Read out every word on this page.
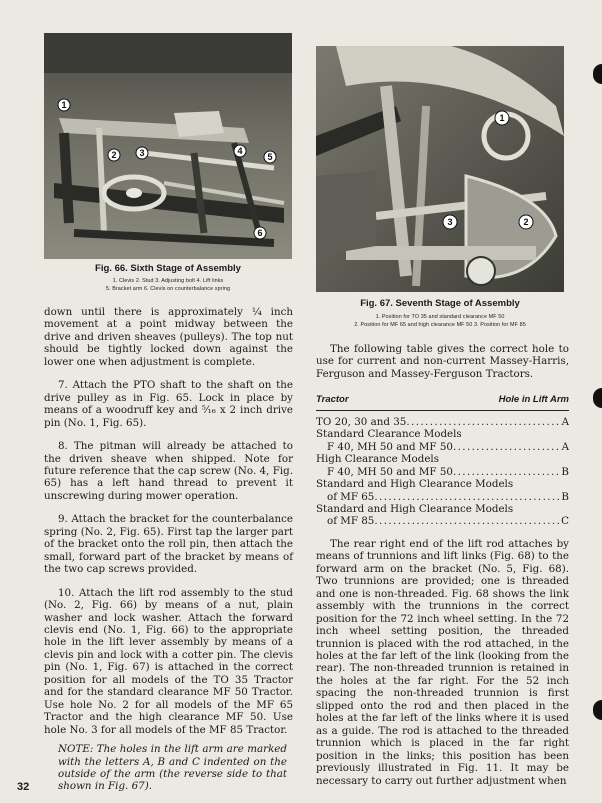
1
2	3	4
5
6
Fig. 66. Sixth Stage of Assembly
1. Clevis 2. Stud 3. Adjusting bolt 4. Lift links
5. Bracket arm 6. Clevis on counterbalance spring
1
2
3
Fig. 67. Seventh Stage of Assembly
1. Position for TO 35 and standard clearance MF 50
2. Position for MF 65 and high clearance MF 50 3. Position for MF 85

down until there is approximately ¼ inch movement at a point midway between the drive and driven sheaves (pulleys). The top nut should be tightly locked down against the lower one when adjustment is complete.

7. Attach the PTO shaft to the shaft on the drive pulley as in Fig. 65. Lock in place by means of a woodruff key and ⁵⁄₁₆ x 2 inch drive pin (No. 1, Fig. 65).

8. The pitman will already be attached to the driven sheave when shipped. Note for future reference that the cap screw (No. 4, Fig. 65) has a left hand thread to prevent it unscrewing during mower operation.

9. Attach the bracket for the counterbalance spring (No. 2, Fig. 65). First tap the larger part of the bracket onto the roll pin, then attach the small, forward part of the bracket by means of the two cap screws provided.

10. Attach the lift rod assembly to the stud (No. 2, Fig. 66) by means of a nut, plain washer and lock washer. Attach the forward clevis end (No. 1, Fig. 66) to the appropriate hole in the lift lever assembly by means of a clevis pin and lock with a cotter pin. The clevis pin (No. 1, Fig. 67) is attached in the correct position for all models of the TO 35 Tractor and for the standard clearance MF 50 Tractor. Use hole No. 2 for all models of the MF 65 Tractor and the high clearance MF 50. Use hole No. 3 for all models of the MF 85 Tractor.

NOTE: The holes in the lift arm are marked with the letters A, B and C indented on the outside of the arm (the reverse side to that shown in Fig. 67).

The following table gives the correct hole to use for current and non-current Massey-Harris, Ferguson and Massey-Ferguson Tractors.

Tractor	Hole in Lift Arm
TO 20, 30 and 35 .....	A
Standard Clearance Models
F 40, MH 50 and MF 50 .....	A
High Clearance Models
F 40, MH 50 and MF 50 .....	B
Standard and High Clearance Models
of MF 65 .....	B
Standard and High Clearance Models
of MF 85 .....	C

The rear right end of the lift rod attaches by means of trunnions and lift links (Fig. 68) to the forward arm on the bracket (No. 5, Fig. 68). Two trunnions are provided; one is threaded and one is non-threaded. Fig. 68 shows the link assembly with the trunnions in the correct position for the 72 inch wheel setting. In the 72 inch wheel setting position, the threaded trunnion is placed with the rod attached, in the holes at the far left of the link (looking from the rear). The non-threaded trunnion is retained in the holes at the far right. For the 52 inch spacing the non-threaded trunnion is first slipped onto the rod and then placed in the holes at the far left of the links where it is used as a guide. The rod is attached to the threaded trunnion which is placed in the far right position in the links; this position has been previously illustrated in Fig. 11. It may be necessary to carry out further adjustment when

32
